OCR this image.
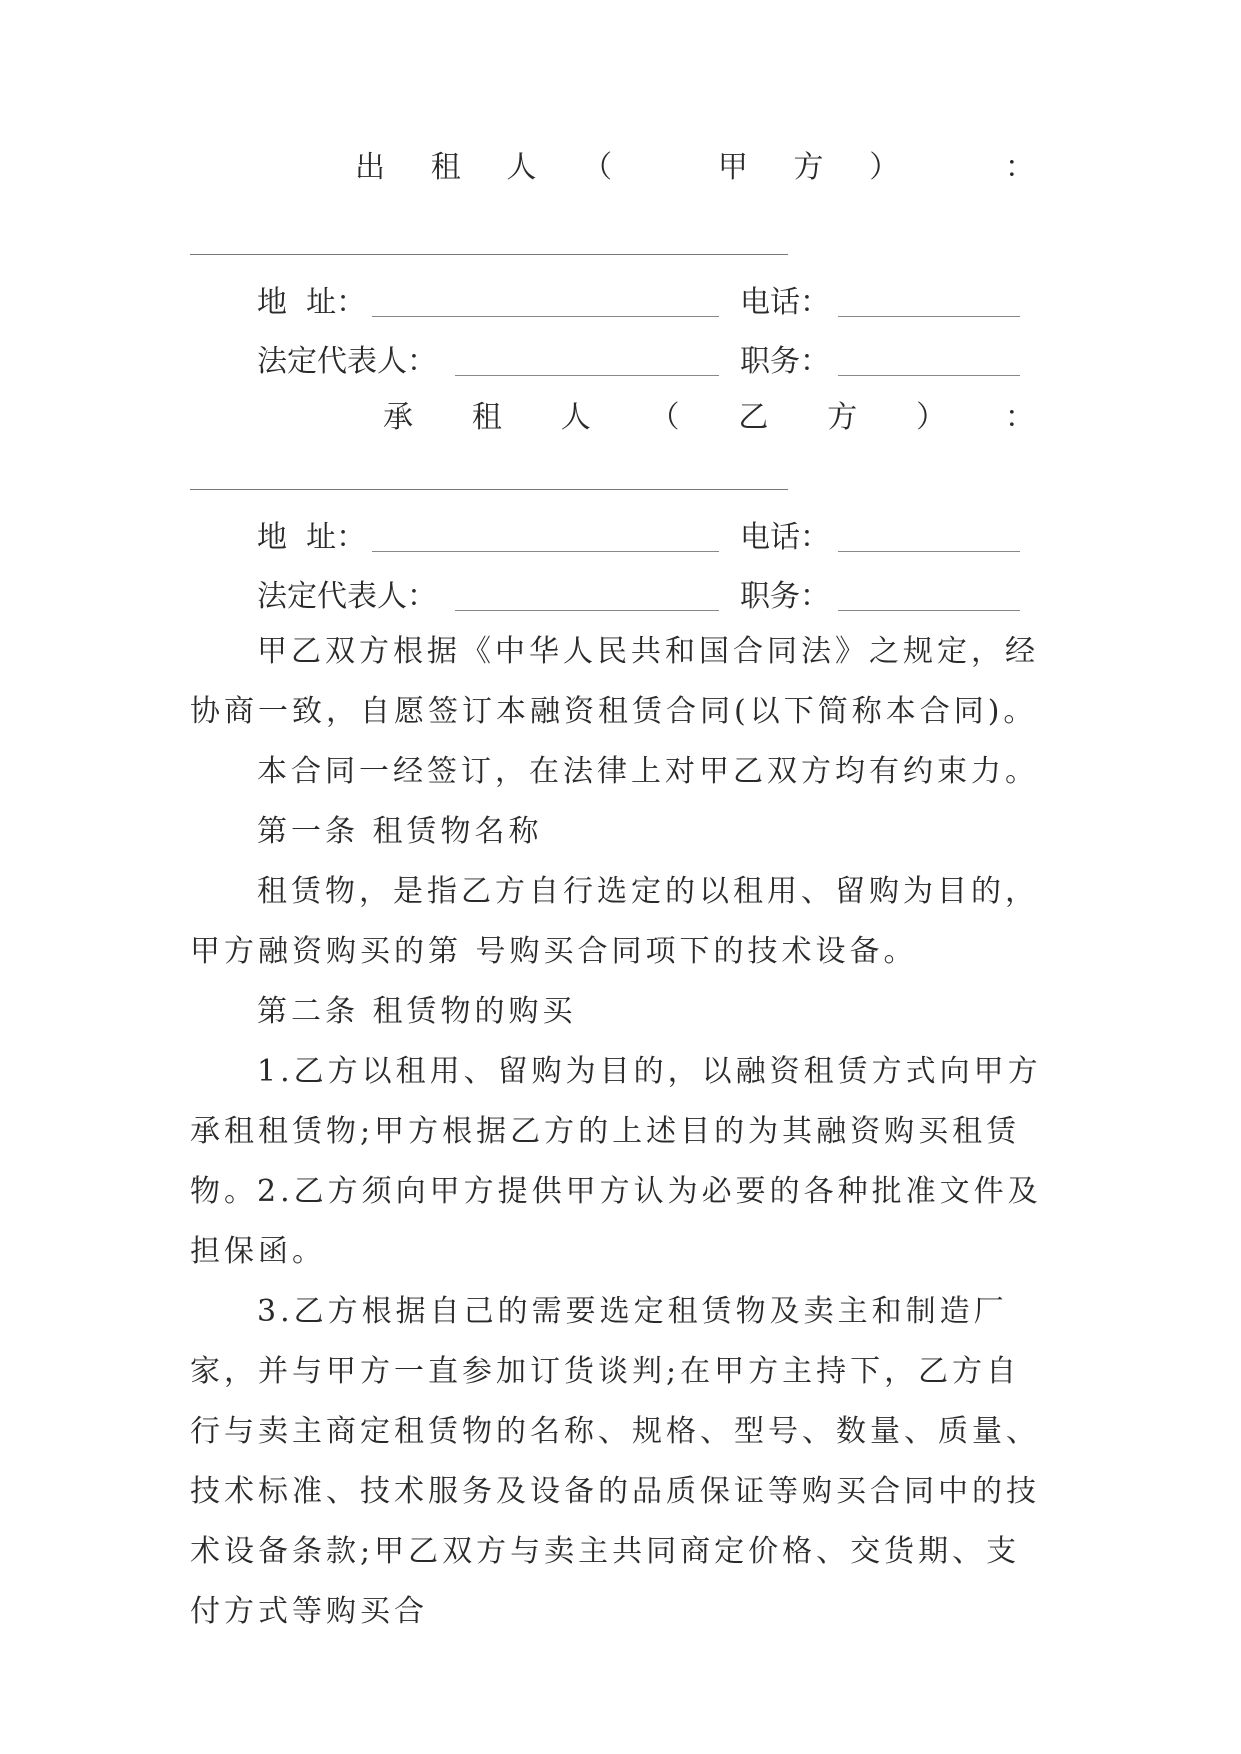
出 租 人 （	甲 方 ）	：
地  址：	电话：
法定代表人：	职务：
承 租 人 （ 乙 方 ） ：
地  址：	电话：
法定代表人：	职务：
甲乙双方根据《中华人民共和国合同法》之规定，经协商一致，自愿签订本融资租赁合同(以下简称本合同)。
本合同一经签订，在法律上对甲乙双方均有约束力。
第一条 租赁物名称
租赁物，是指乙方自行选定的以租用、留购为目的，甲方融资购买的第 号购买合同项下的技术设备。
第二条 租赁物的购买
1.乙方以租用、留购为目的，以融资租赁方式向甲方承租租赁物;甲方根据乙方的上述目的为其融资购买租赁物。 2.乙方须向甲方提供甲方认为必要的各种批准文件及担保函。
3.乙方根据自己的需要选定租赁物及卖主和制造厂家，并与甲方一直参加订货谈判;在甲方主持下，乙方自行与卖主商定租赁物的名称、规格、型号、数量、质量、技术标准、技术服务及设备的品质保证等购买合同中的技术设备条款;甲乙双方与卖主共同商定价格、交货期、支付方式等购买合
